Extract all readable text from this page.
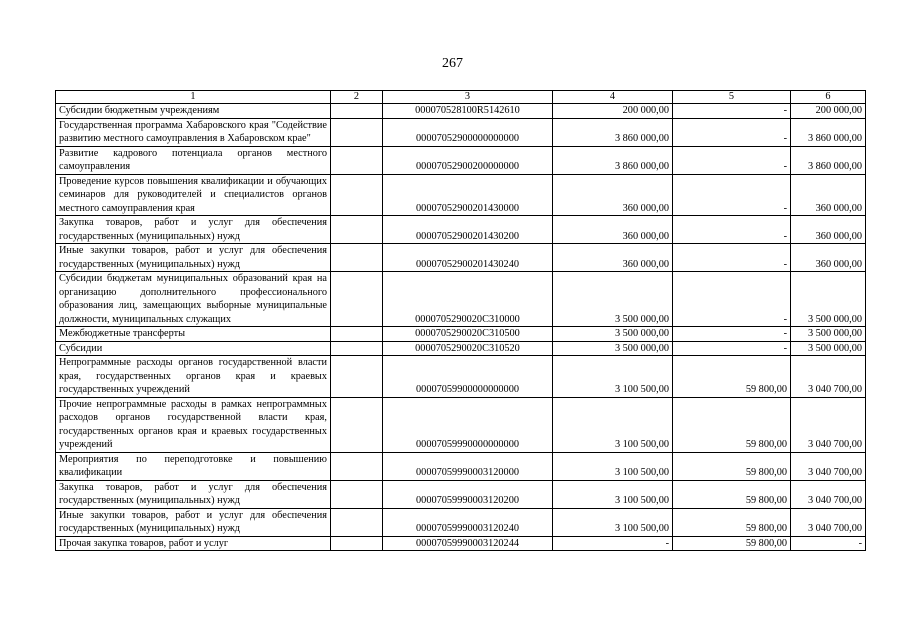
267
1	2	3	4	5	6
Субсидии бюджетным учреждениям		000070528100R5142610	200 000,00	-	200 000,00
Государственная программа Хабаровского края "Содействие развитию местного самоуправления в Хабаровском крае"		00007052900000000000	3 860 000,00	-	3 860 000,00
Развитие кадрового потенциала органов местного самоуправления		00007052900200000000	3 860 000,00	-	3 860 000,00
Проведение курсов повышения квалификации и обучающих семинаров для руководителей и специалистов органов местного самоуправления края		00007052900201430000	360 000,00	-	360 000,00
Закупка товаров, работ и услуг для обеспечения государственных (муниципальных) нужд		00007052900201430200	360 000,00	-	360 000,00
Иные закупки товаров, работ и услуг для обеспечения государственных (муниципальных) нужд		00007052900201430240	360 000,00	-	360 000,00
Субсидии бюджетам муниципальных образований края на организацию дополнительного профессионального образования лиц, замещающих выборные муниципальные должности, муниципальных служащих		0000705290020C310000	3 500 000,00	-	3 500 000,00
Межбюджетные трансферты		0000705290020C310500	3 500 000,00	-	3 500 000,00
Субсидии		0000705290020C310520	3 500 000,00	-	3 500 000,00
Непрограммные расходы органов государственной власти края, государственных органов края и краевых государственных учреждений		00007059900000000000	3 100 500,00	59 800,00	3 040 700,00
Прочие непрограммные расходы в рамках непрограммных расходов органов государственной власти края, государственных органов края и краевых государственных учреждений		00007059990000000000	3 100 500,00	59 800,00	3 040 700,00
Мероприятия по переподготовке и повышению квалификации		00007059990003120000	3 100 500,00	59 800,00	3 040 700,00
Закупка товаров, работ и услуг для обеспечения государственных (муниципальных) нужд		00007059990003120200	3 100 500,00	59 800,00	3 040 700,00
Иные закупки товаров, работ и услуг для обеспечения государственных (муниципальных) нужд		00007059990003120240	3 100 500,00	59 800,00	3 040 700,00
Прочая закупка товаров, работ и услуг		00007059990003120244	-	59 800,00	-
